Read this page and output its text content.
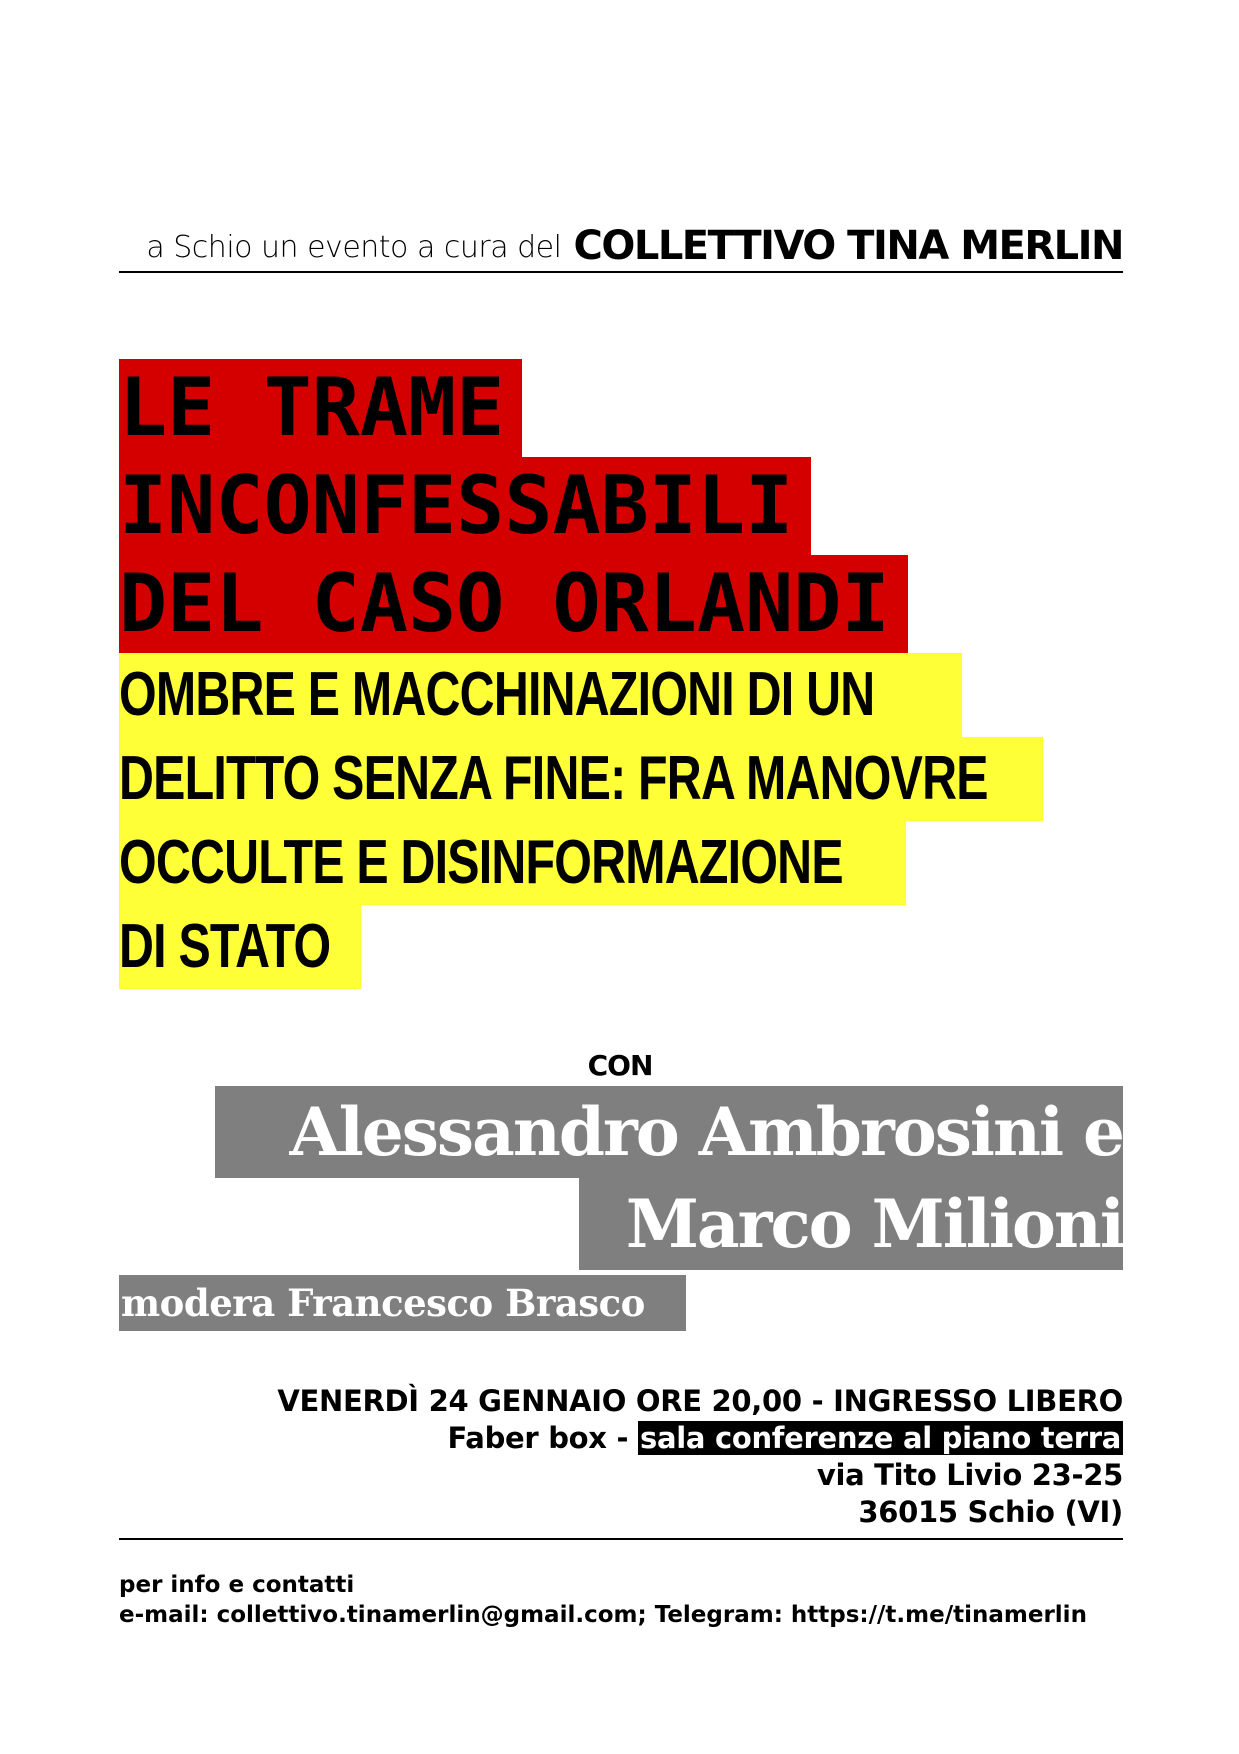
a Schio un evento a cura del COLLETTIVO TINA MERLIN
LE TRAME
INCONFESSABILI
DEL CASO ORLANDI
OMBRE E MACCHINAZIONI DI UN
DELITTO SENZA FINE: FRA MANOVRE
OCCULTE E DISINFORMAZIONE
DI STATO
CON
Alessandro Ambrosini e
Marco Milioni
modera Francesco Brasco
VENERDÌ 24 GENNAIO ORE 20,00 - INGRESSO LIBERO
Faber box - sala conferenze al piano terra
via Tito Livio 23-25
36015 Schio (VI)
per info e contatti
e-mail: collettivo.tinamerlin@gmail.com; Telegram: https://t.me/tinamerlin
